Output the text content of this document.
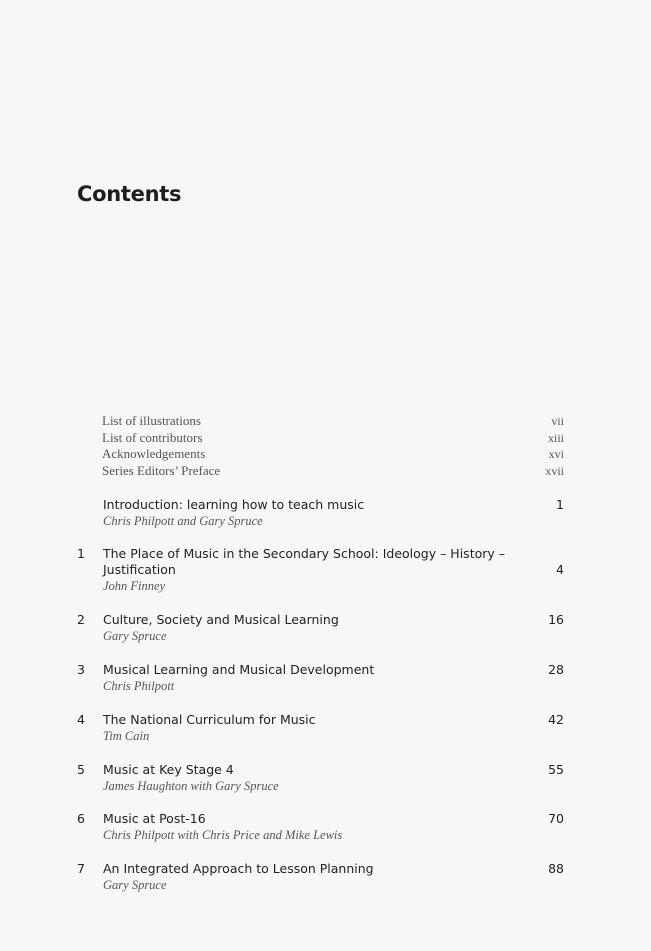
Contents
List of illustrations	vii
List of contributors	xiii
Acknowledgements	xvi
Series Editors’ Preface	xvii
Introduction: learning how to teach music	1
Chris Philpott and Gary Spruce
1	The Place of Music in the Secondary School: Ideology – History – Justification	4
John Finney
2	Culture, Society and Musical Learning	16
Gary Spruce
3	Musical Learning and Musical Development	28
Chris Philpott
4	The National Curriculum for Music	42
Tim Cain
5	Music at Key Stage 4	55
James Haughton with Gary Spruce
6	Music at Post-16	70
Chris Philpott with Chris Price and Mike Lewis
7	An Integrated Approach to Lesson Planning	88
Gary Spruce
